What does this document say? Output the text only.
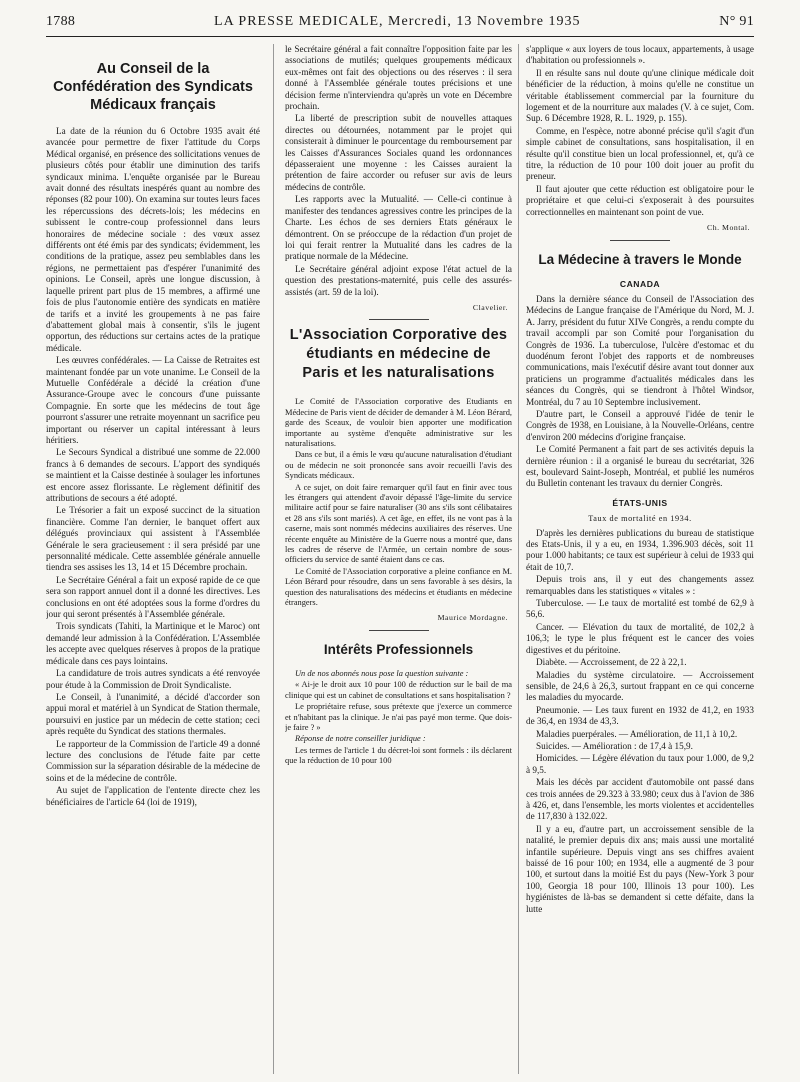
1788	LA PRESSE MEDICALE, Mercredi, 13 Novembre 1935	N° 91
Au Conseil de la Confédération des Syndicats Médicaux français

La date de la réunion du 6 Octobre 1935 avait été avancée pour permettre de fixer l'attitude du Corps Médical organisé, en présence des sollicitations venues de plusieurs côtés pour établir une diminution des tarifs syndicaux minima. L'enquête organisée par le Bureau avait donné des résultats inespérés quant au nombre des réponses (82 pour 100). On examina sur toutes leurs faces les répercussions des décrets-lois; les médecins en subissent le contre-coup professionnel dans leurs honoraires de médecine sociale : des vœux assez différents ont été émis par des syndicats; évidemment, les conditions de la pratique, assez peu semblables dans les régions, ne permettaient pas d'espérer l'unanimité des opinions. Le Conseil, après une longue discussion, à laquelle prirent part plus de 15 membres, a affirmé une fois de plus l'autonomie entière des syndicats en matière de tarifs et a invité les groupements à ne pas faire d'abattement global mais à consentir, s'ils le jugent opportun, des réductions sur certains actes de la pratique médicale.

Les œuvres confédérales. — La Caisse de Retraites est maintenant fondée par un vote unanime. Le Conseil de la Mutuelle Confédérale a décidé la création d'une Assurance-Groupe avec le concours d'une puissante Compagnie. En sorte que les médecins de tout âge pourront s'assurer une retraite moyennant un sacrifice peu important ou réserver un capital intéressant à leurs héritiers.

Le Secours Syndical a distribué une somme de 22.000 francs à 6 demandes de secours. L'apport des syndiqués se maintient et la Caisse destinée à soulager les infortunes est encore assez florissante. Le règlement définitif des attributions de secours a été adopté.

Le Trésorier a fait un exposé succinct de la situation financière. Comme l'an dernier, le banquet offert aux délégués provinciaux qui assistent à l'Assemblée Générale le sera gracieusement : il sera présidé par une personnalité médicale. Cette assemblée générale annuelle tiendra ses assises les 13, 14 et 15 Décembre prochain.

Le Secrétaire Général a fait un exposé rapide de ce que sera son rapport annuel dont il a donné les directives. Les conclusions en ont été adoptées sous la forme d'ordres du jour qui seront présentés à l'Assemblée générale.

Trois syndicats (Tahiti, la Martinique et le Maroc) ont demandé leur admission à la Confédération. L'Assemblée les accepte avec quelques réserves à propos de la pratique médicale dans ces pays lointains.

La candidature de trois autres syndicats a été renvoyée pour étude à la Commission de Droit Syndicaliste.

Le Conseil, à l'unanimité, a décidé d'accorder son appui moral et matériel à un Syndicat de Station thermale, poursuivi en justice par un médecin de cette station; ceci après requête du Syndicat des stations thermales.

Le rapporteur de la Commission de l'article 49 a donné lecture des conclusions de l'étude faite par cette Commission sur la séparation désirable de la médecine de soins et de la médecine de contrôle.

Au sujet de l'application de l'entente directe chez les bénéficiaires de l'article 64 (loi de 1919),

le Secrétaire général a fait connaître l'opposition faite par les associations de mutilés; quelques groupements médicaux eux-mêmes ont fait des objections ou des réserves : il sera donné à l'Assemblée générale toutes précisions et une décision ferme n'interviendra qu'après un vote en Décembre prochain.

La liberté de prescription subit de nouvelles attaques directes ou détournées, notamment par le projet qui consisterait à diminuer le pourcentage du remboursement par les Caisses d'Assurances Sociales quand les ordonnances dépasseraient une moyenne : les Caisses auraient la prétention de faire accorder ou refuser sur avis de leurs médecins de contrôle.

Les rapports avec la Mutualité. — Celle-ci continue à manifester des tendances agressives contre les principes de la Charte. Les échos de ses derniers Etats généraux le démontrent. On se préoccupe de la rédaction d'un projet de loi qui ferait rentrer la Mutualité dans les cadres de la pratique normale de la Médecine.

Le Secrétaire général adjoint expose l'état actuel de la question des prestations-maternité, puis celle des assurés-assistés (art. 59 de la loi).

Clavelier.
L'Association Corporative des étudiants en médecine de Paris et les naturalisations

Le Comité de l'Association corporative des Etudiants en Médecine de Paris vient de décider de demander à M. Léon Bérard, garde des Sceaux, de vouloir bien apporter une modification importante au système d'enquête administrative sur les naturalisations.

Dans ce but, il a émis le vœu qu'aucune naturalisation d'étudiant ou de médecin ne soit prononcée sans avoir recueilli l'avis des Syndicats médicaux.

A ce sujet, on doit faire remarquer qu'il faut en finir avec tous les étrangers qui attendent d'avoir dépassé l'âge-limite du service militaire actif pour se faire naturaliser (30 ans s'ils sont célibataires et 28 ans s'ils sont mariés). A cet âge, en effet, ils ne vont pas à la caserne, mais sont nommés médecins auxiliaires des réserves. Une récente enquête au Ministère de la Guerre nous a montré que, dans les cadres de réserve de l'Armée, un certain nombre de sous-officiers du service de santé étaient dans ce cas.

Le Comité de l'Association corporative a pleine confiance en M. Léon Bérard pour résoudre, dans un sens favorable à ses désirs, la question des naturalisations des médecins et étudiants en médecine étrangers.

Maurice Mordagne.
Intérêts Professionnels

Un de nos abonnés nous pose la question suivante :

« Ai-je le droit aux 10 pour 100 de réduction sur le bail de ma clinique qui est un cabinet de consultations et sans hospitalisation ?

Le propriétaire refuse, sous prétexte que j'exerce un commerce et n'habitant pas la clinique. Je n'ai pas payé mon terme. Que dois-je faire ? »

Réponse de notre conseiller juridique :

Les termes de l'article 1 du décret-loi sont formels : ils déclarent que la réduction de 10 pour 100

s'applique « aux loyers de tous locaux, appartements, à usage d'habitation ou professionnels ».

Il en résulte sans nul doute qu'une clinique médicale doit bénéficier de la réduction, à moins qu'elle ne constitue un véritable établissement commercial par la fourniture du logement et de la nourriture aux malades (V. à ce sujet, Com. Sup. 6 Décembre 1928, R. L. 1929, p. 155).

Comme, en l'espèce, notre abonné précise qu'il s'agit d'un simple cabinet de consultations, sans hospitalisation, il en résulte qu'il constitue bien un local professionnel, et, qu'à ce titre, la réduction de 10 pour 100 doit jouer au profit du preneur.

Il faut ajouter que cette réduction est obligatoire pour le propriétaire et que celui-ci s'exposerait à des poursuites correctionnelles en maintenant son point de vue.

Ch. Montal.
La Médecine à travers le Monde
CANADA

Dans la dernière séance du Conseil de l'Association des Médecins de Langue française de l'Amérique du Nord, M. J. A. Jarry, président du futur XIVe Congrès, a rendu compte du travail accompli par son Comité pour l'organisation du Congrès de 1936. La tuberculose, l'ulcère d'estomac et du duodénum feront l'objet des rapports et de nombreuses communications, mais l'exécutif désire avant tout donner aux praticiens un programme d'actualités médicales dans les séances du Congrès, qui se tiendront à l'hôtel Windsor, Montréal, du 7 au 10 Septembre inclusivement.

D'autre part, le Conseil a approuvé l'idée de tenir le Congrès de 1938, en Louisiane, à la Nouvelle-Orléans, centre d'environ 200 médecins d'origine française.

Le Comité Permanent a fait part de ses activités depuis la dernière réunion : il a organisé le bureau du secrétariat, 326 est, boulevard Saint-Joseph, Montréal, et publié les numéros du Bulletin contenant les travaux du dernier Congrès.

ÉTATS-UNIS
Taux de mortalité en 1934.

D'après les dernières publications du bureau de statistique des Etats-Unis, il y a eu, en 1934, 1.396.903 décès, soit 11 pour 1.000 habitants; ce taux est supérieur à celui de 1933 qui était de 10,7.

Depuis trois ans, il y eut des changements assez remarquables dans les statistiques « vitales » :

Tuberculose. — Le taux de mortalité est tombé de 62,9 à 56,6.

Cancer. — Elévation du taux de mortalité, de 102,2 à 106,3; le type le plus fréquent est le cancer des voies digestives et du péritoine.

Diabète. — Accroissement, de 22 à 22,1.

Maladies du système circulatoire. — Accroissement sensible, de 24,6 à 26,3, surtout frappant en ce qui concerne les maladies du myocarde.

Pneumonie. — Les taux furent en 1932 de 41,2, en 1933 de 36,4, en 1934 de 43,3.

Maladies puerpérales. — Amélioration, de 11,1 à 10,2.

Suicides. — Amélioration : de 17,4 à 15,9.

Homicides. — Légère élévation du taux pour 1.000, de 9,2 à 9,5.

Mais les décès par accident d'automobile ont passé dans ces trois années de 29.323 à 33.980; ceux dus à l'avion de 386 à 426, et, dans l'ensemble, les morts violentes et accidentelles de 117,830 à 132.022.

Il y a eu, d'autre part, un accroissement sensible de la natalité, le premier depuis dix ans; mais aussi une mortalité infantile supérieure. Depuis vingt ans ses chiffres avaient baissé de 16 pour 100; en 1934, elle a augmenté de 3 pour 100, et surtout dans la moitié Est du pays (New-York 3 pour 100, Georgia 18 pour 100, Illinois 13 pour 100). Les hygiénistes de là-bas se demandent si cette défaite, dans la lutte
